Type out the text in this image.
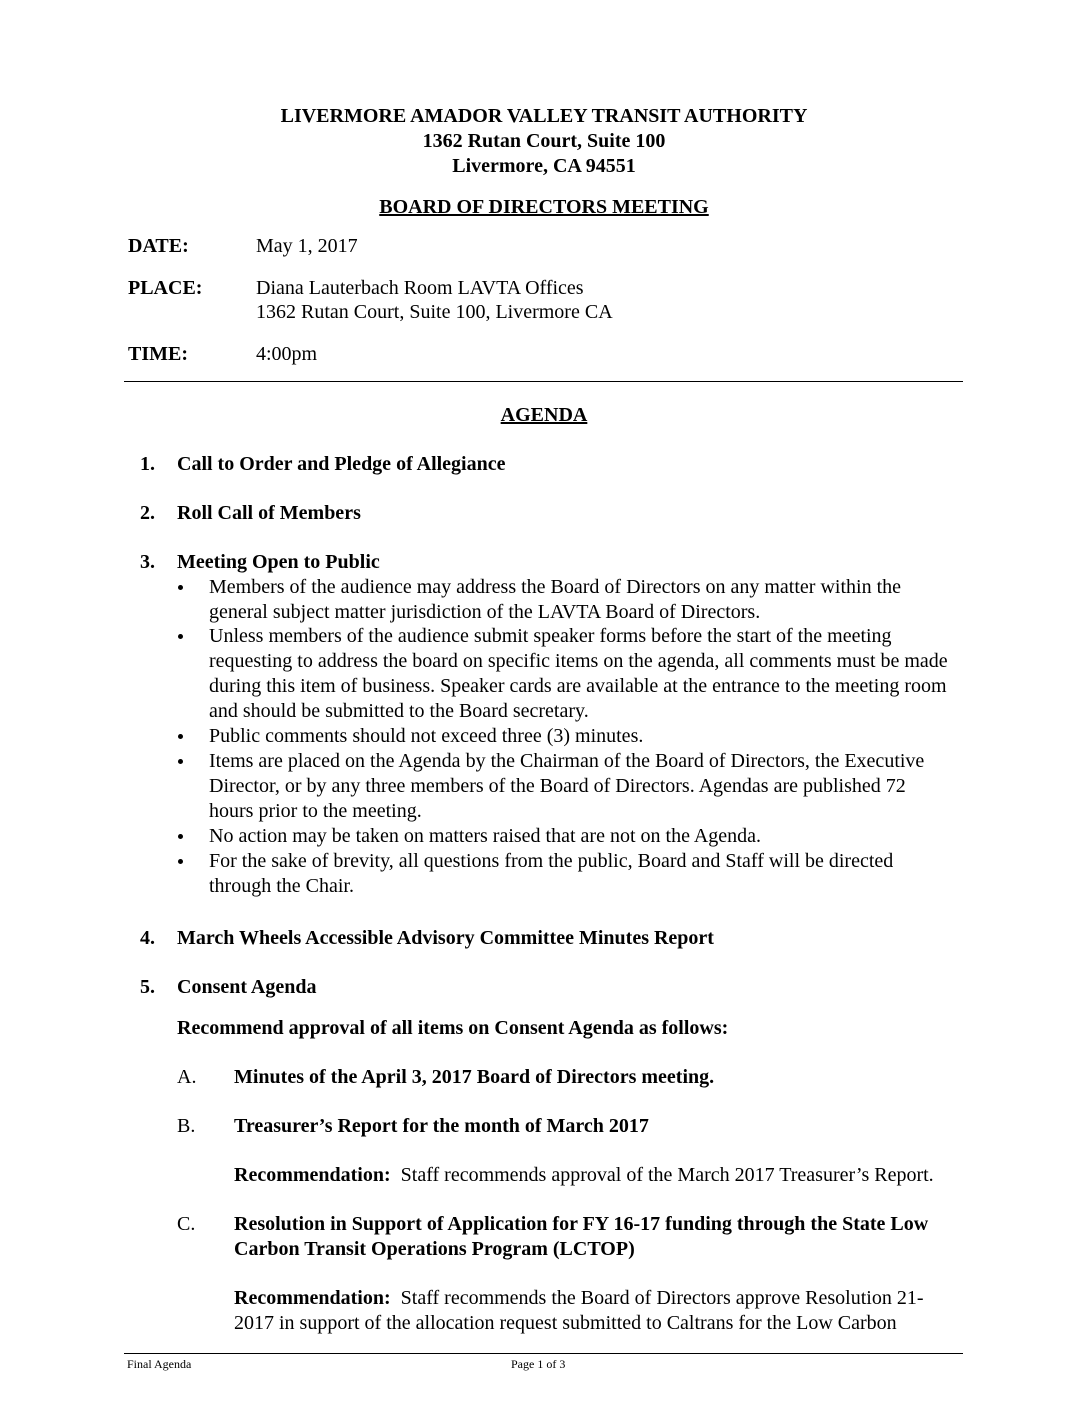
LIVERMORE AMADOR VALLEY TRANSIT AUTHORITY
1362 Rutan Court, Suite 100
Livermore, CA 94551
BOARD OF DIRECTORS MEETING
DATE:	May 1, 2017
PLACE:	Diana Lauterbach Room LAVTA Offices
1362 Rutan Court, Suite 100, Livermore CA
TIME:	4:00pm
AGENDA
1. Call to Order and Pledge of Allegiance
2. Roll Call of Members
3. Meeting Open to Public
Members of the audience may address the Board of Directors on any matter within the
general subject matter jurisdiction of the LAVTA Board of Directors.
Unless members of the audience submit speaker forms before the start of the meeting
requesting to address the board on specific items on the agenda, all comments must be made
during this item of business. Speaker cards are available at the entrance to the meeting room
and should be submitted to the Board secretary.
Public comments should not exceed three (3) minutes.
Items are placed on the Agenda by the Chairman of the Board of Directors, the Executive
Director, or by any three members of the Board of Directors. Agendas are published 72
hours prior to the meeting.
No action may be taken on matters raised that are not on the Agenda.
For the sake of brevity, all questions from the public, Board and Staff will be directed
through the Chair.
4. March Wheels Accessible Advisory Committee Minutes Report
5. Consent Agenda
Recommend approval of all items on Consent Agenda as follows:
A. Minutes of the April 3, 2017 Board of Directors meeting.
B. Treasurer’s Report for the month of March 2017
Recommendation:  Staff recommends approval of the March 2017 Treasurer’s Report.
C. Resolution in Support of Application for FY 16-17 funding through the State Low
Carbon Transit Operations Program (LCTOP)
Recommendation:  Staff recommends the Board of Directors approve Resolution 21-
2017 in support of the allocation request submitted to Caltrans for the Low Carbon
Final Agenda	Page 1 of 3
